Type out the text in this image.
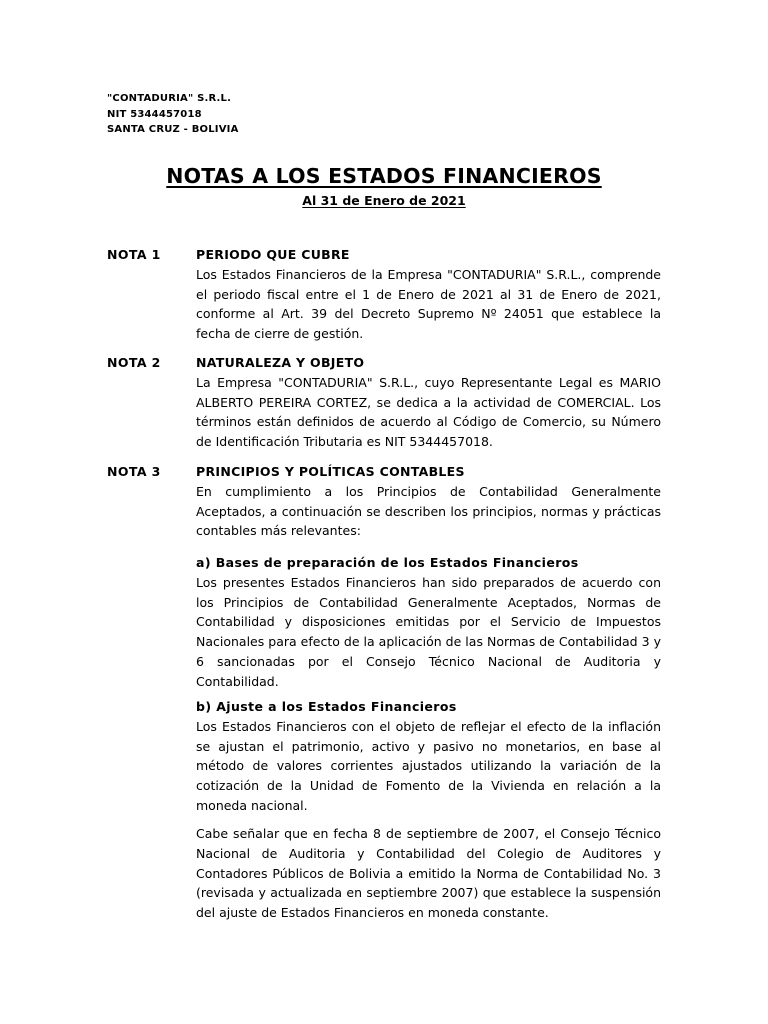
"CONTADURIA" S.R.L.
NIT 5344457018
SANTA CRUZ - BOLIVIA
NOTAS A LOS ESTADOS FINANCIEROS
Al 31 de Enero de 2021
NOTA 1	PERIODO QUE CUBRE
Los Estados Financieros de la Empresa "CONTADURIA" S.R.L., comprende el periodo fiscal entre el 1 de Enero de 2021 al 31 de Enero de 2021, conforme al Art. 39 del Decreto Supremo Nº 24051 que establece la fecha de cierre de gestión.
NOTA 2	NATURALEZA Y OBJETO
La Empresa "CONTADURIA" S.R.L., cuyo Representante Legal es MARIO ALBERTO PEREIRA CORTEZ, se dedica a la actividad de COMERCIAL. Los términos están definidos de acuerdo al Código de Comercio, su Número de Identificación Tributaria es NIT 5344457018.
NOTA 3	PRINCIPIOS Y POLÍTICAS CONTABLES
En cumplimiento a los Principios de Contabilidad Generalmente Aceptados, a continuación se describen los principios, normas y prácticas contables más relevantes:
a) Bases de preparación de los Estados Financieros
Los presentes Estados Financieros han sido preparados de acuerdo con los Principios de Contabilidad Generalmente Aceptados, Normas de Contabilidad y disposiciones emitidas por el Servicio de Impuestos Nacionales para efecto de la aplicación de las Normas de Contabilidad 3 y 6 sancionadas por el Consejo Técnico Nacional de Auditoria y Contabilidad.
b) Ajuste a los Estados Financieros
Los Estados Financieros con el objeto de reflejar el efecto de la inflación se ajustan el patrimonio, activo y pasivo no monetarios, en base al método de valores corrientes ajustados utilizando la variación de la cotización de la Unidad de Fomento de la Vivienda en relación a la moneda nacional.
Cabe señalar que en fecha 8 de septiembre de 2007, el Consejo Técnico Nacional de Auditoria y Contabilidad del Colegio de Auditores y Contadores Públicos de Bolivia a emitido la Norma de Contabilidad No. 3 (revisada y actualizada en septiembre 2007) que establece la suspensión del ajuste de Estados Financieros en moneda constante.
